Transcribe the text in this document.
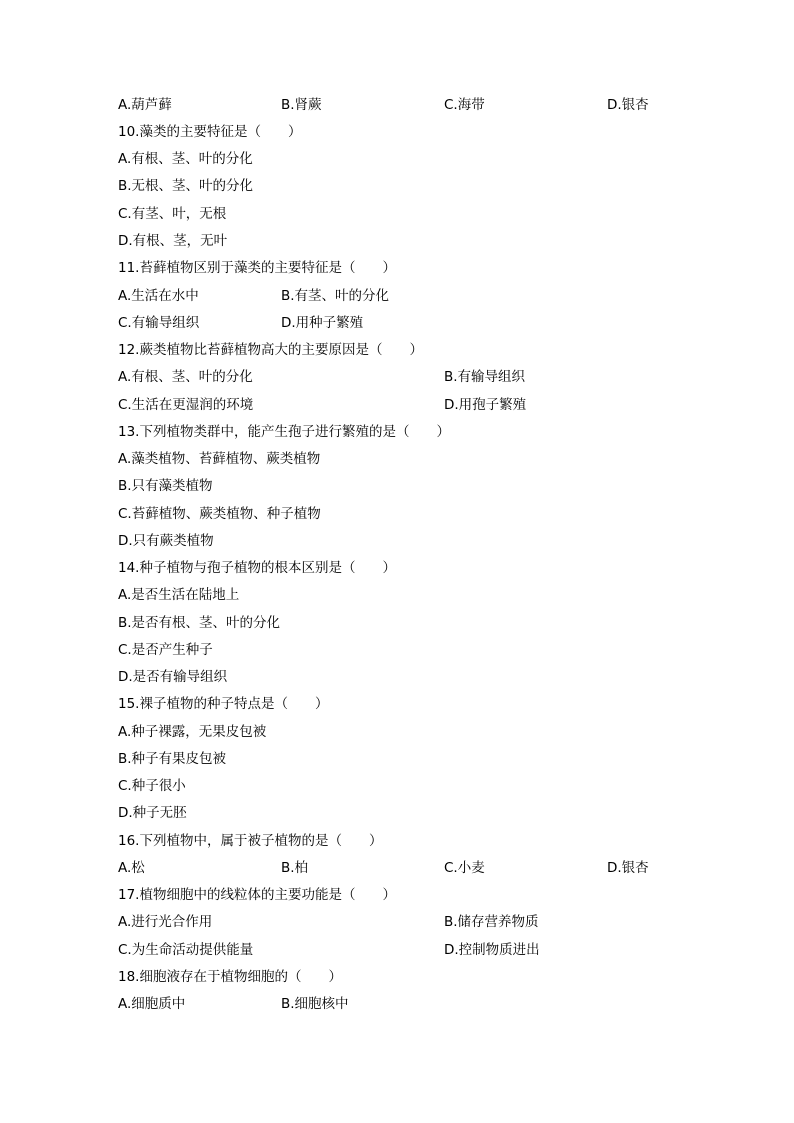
A.葫芦藓	B.肾蕨	C.海带	D.银杏
10.藻类的主要特征是（　　）
A.有根、茎、叶的分化
B.无根、茎、叶的分化
C.有茎、叶，无根
D.有根、茎，无叶
11.苔藓植物区别于藻类的主要特征是（　　）
A.生活在水中	B.有茎、叶的分化
C.有输导组织	D.用种子繁殖
12.蕨类植物比苔藓植物高大的主要原因是（　　）
A.有根、茎、叶的分化	B.有输导组织
C.生活在更湿润的环境	D.用孢子繁殖
13.下列植物类群中，能产生孢子进行繁殖的是（　　）
A.藻类植物、苔藓植物、蕨类植物
B.只有藻类植物
C.苔藓植物、蕨类植物、种子植物
D.只有蕨类植物
14.种子植物与孢子植物的根本区别是（　　）
A.是否生活在陆地上
B.是否有根、茎、叶的分化
C.是否产生种子
D.是否有输导组织
15.裸子植物的种子特点是（　　）
A.种子裸露，无果皮包被
B.种子有果皮包被
C.种子很小
D.种子无胚
16.下列植物中，属于被子植物的是（　　）
A.松	B.柏	C.小麦	D.银杏
17.植物细胞中的线粒体的主要功能是（　　）
A.进行光合作用	B.储存营养物质
C.为生命活动提供能量	D.控制物质进出
18.细胞液存在于植物细胞的（　　）
A.细胞质中	B.细胞核中
